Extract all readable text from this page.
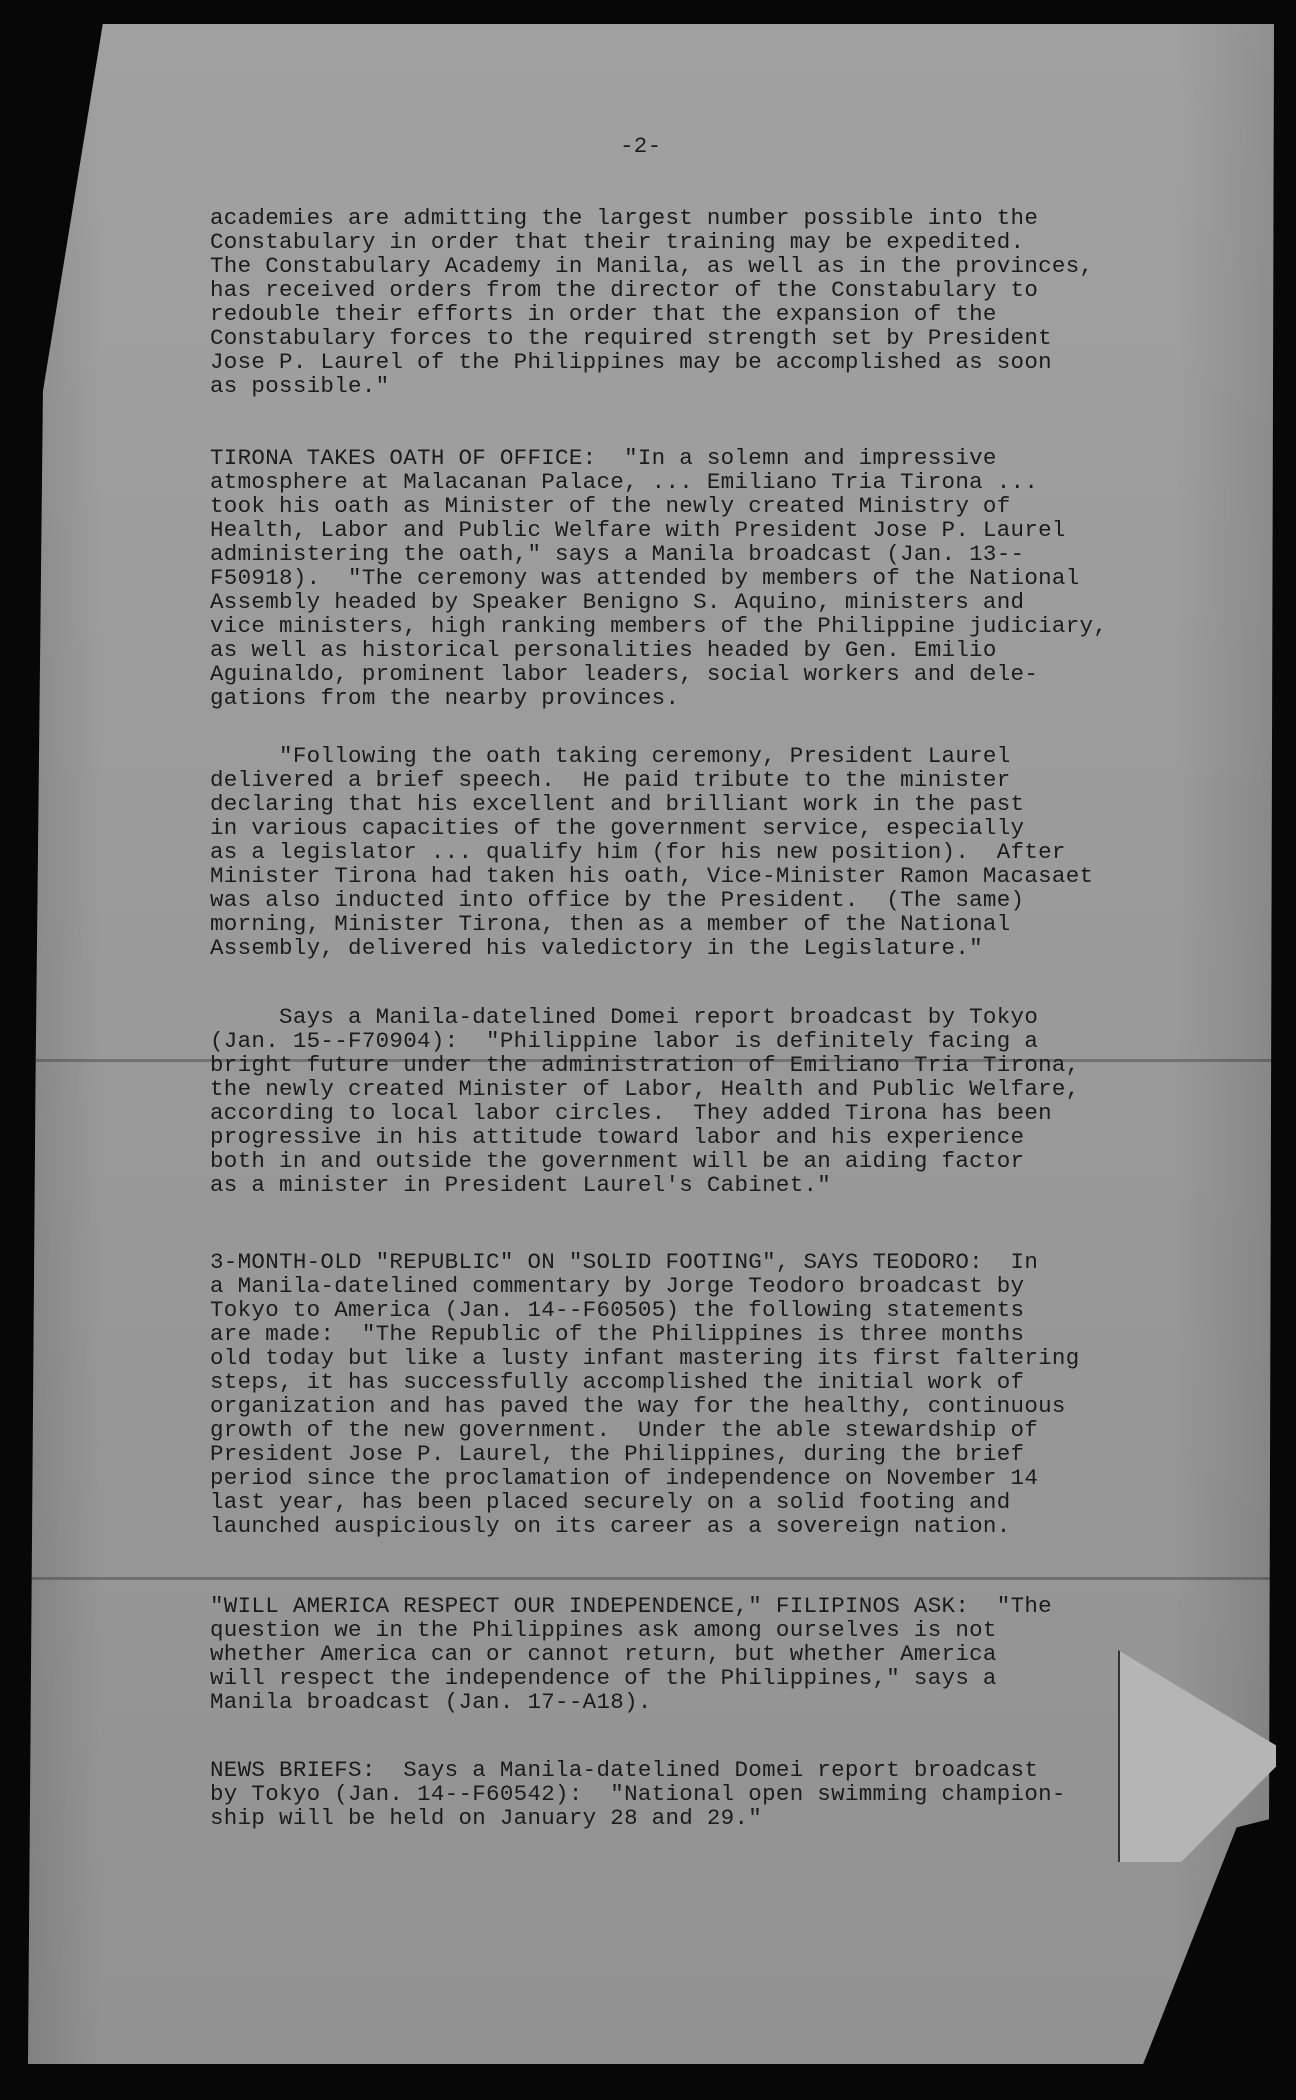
-2-
academies are admitting the largest number possible into the
Constabulary in order that their training may be expedited.
The Constabulary Academy in Manila, as well as in the provinces,
has received orders from the director of the Constabulary to
redouble their efforts in order that the expansion of the
Constabulary forces to the required strength set by President
Jose P. Laurel of the Philippines may be accomplished as soon
as possible."
TIRONA TAKES OATH OF OFFICE:  "In a solemn and impressive
atmosphere at Malacanan Palace, ... Emiliano Tria Tirona ...
took his oath as Minister of the newly created Ministry of
Health, Labor and Public Welfare with President Jose P. Laurel
administering the oath," says a Manila broadcast (Jan. 13--
F50918).  "The ceremony was attended by members of the National
Assembly headed by Speaker Benigno S. Aquino, ministers and
vice ministers, high ranking members of the Philippine judiciary,
as well as historical personalities headed by Gen. Emilio
Aguinaldo, prominent labor leaders, social workers and dele-
gations from the nearby provinces.
"Following the oath taking ceremony, President Laurel
delivered a brief speech.  He paid tribute to the minister
declaring that his excellent and brilliant work in the past
in various capacities of the government service, especially
as a legislator ... qualify him (for his new position).  After
Minister Tirona had taken his oath, Vice-Minister Ramon Macasaet
was also inducted into office by the President.  (The same)
morning, Minister Tirona, then as a member of the National
Assembly, delivered his valedictory in the Legislature."
Says a Manila-datelined Domei report broadcast by Tokyo
(Jan. 15--F70904):  "Philippine labor is definitely facing a
bright future under the administration of Emiliano Tria Tirona,
the newly created Minister of Labor, Health and Public Welfare,
according to local labor circles.  They added Tirona has been
progressive in his attitude toward labor and his experience
both in and outside the government will be an aiding factor
as a minister in President Laurel's Cabinet."
3-MONTH-OLD "REPUBLIC" ON "SOLID FOOTING", SAYS TEODORO:  In
a Manila-datelined commentary by Jorge Teodoro broadcast by
Tokyo to America (Jan. 14--F60505) the following statements
are made:  "The Republic of the Philippines is three months
old today but like a lusty infant mastering its first faltering
steps, it has successfully accomplished the initial work of
organization and has paved the way for the healthy, continuous
growth of the new government.  Under the able stewardship of
President Jose P. Laurel, the Philippines, during the brief
period since the proclamation of independence on November 14
last year, has been placed securely on a solid footing and
launched auspiciously on its career as a sovereign nation.
"WILL AMERICA RESPECT OUR INDEPENDENCE," FILIPINOS ASK:  "The
question we in the Philippines ask among ourselves is not
whether America can or cannot return, but whether America
will respect the independence of the Philippines," says a
Manila broadcast (Jan. 17--A18).
NEWS BRIEFS:  Says a Manila-datelined Domei report broadcast
by Tokyo (Jan. 14--F60542):  "National open swimming champion-
ship will be held on January 28 and 29."
